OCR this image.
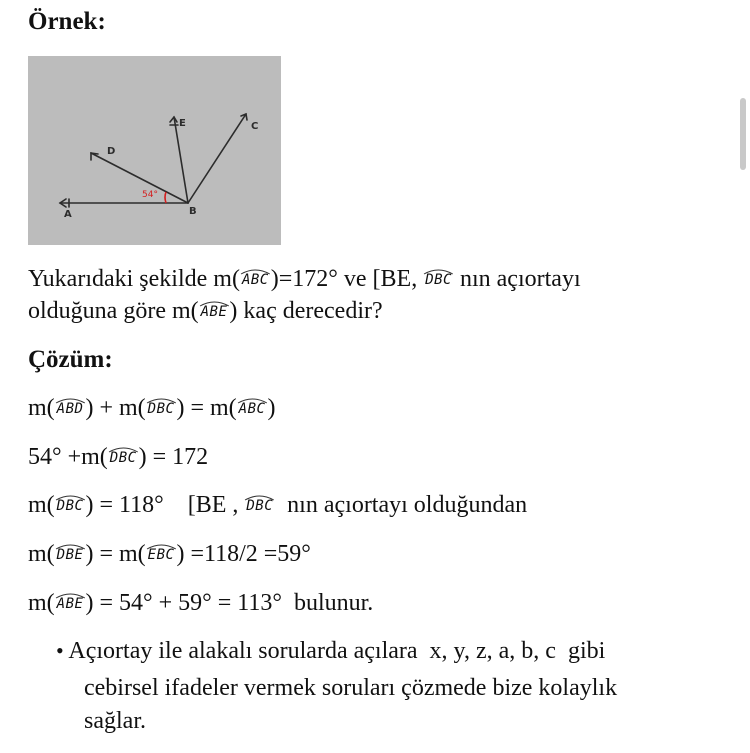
Örnek:
A	B
C
D
E
54°
Yukarıdaki şekilde m( ABC)=172° ve [BE, DBC nın açıortayı
olduğuna göre m( ABE) kaç derecedir?
Çözüm:
m( ABD) + m( DBC) = m( ABC)
54° +m( DBC) = 172
m( DBC) = 118°    [BE , DBC nın açıortayı olduğundan
m( DBE) = m( EBC) =118/2 =59°
m( ABE) = 54° + 59° = 113°  bulunur.
• Açıortay ile alakalı sorularda açılara  x, y, z, a, b, c  gibi
cebirsel ifadeler vermek soruları çözmede bize kolaylık
sağlar.
